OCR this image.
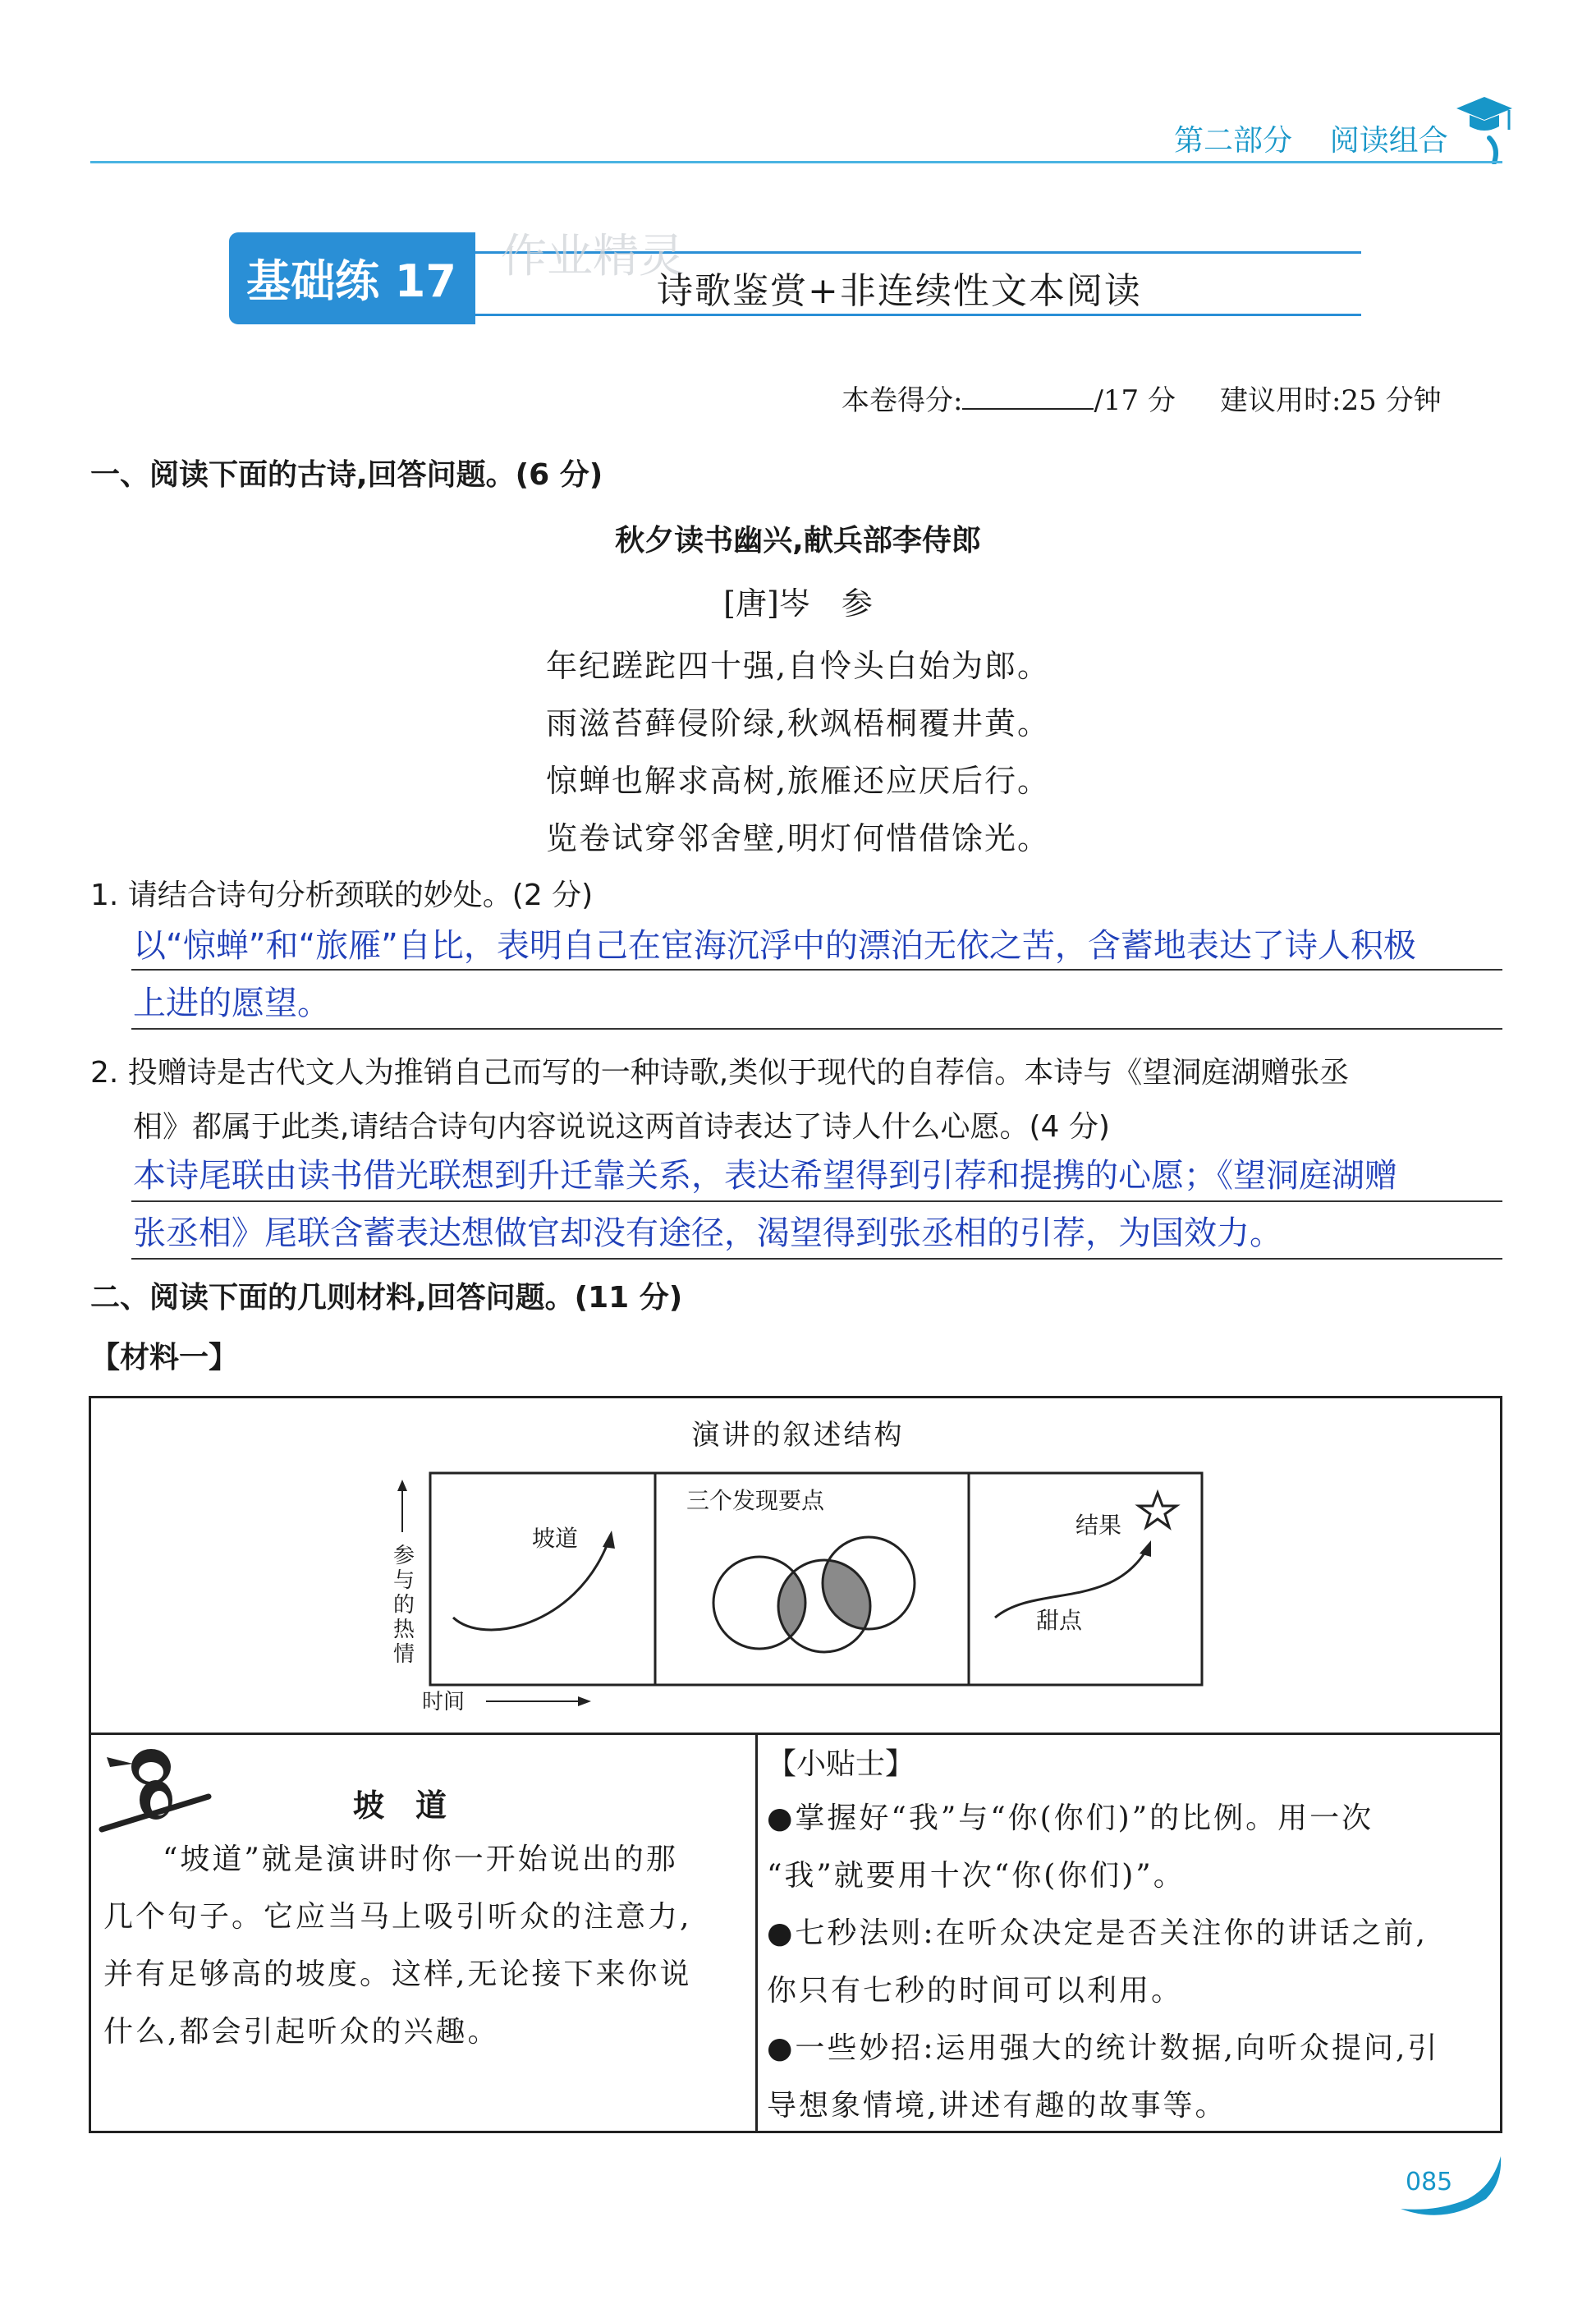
第二部分 阅读组合
基础练 17 作业精灵
诗歌鉴赏+非连续性文本阅读
本卷得分:	/17 分 建议用时:25 分钟
一、阅读下面的古诗,回答问题。(6 分)
秋夕读书幽兴,献兵部李侍郎
[唐]岑　参
年纪蹉跎四十强,自怜头白始为郎。
雨滋苔藓侵阶绿,秋飒梧桐覆井黄。
惊蝉也解求高树,旅雁还应厌后行。
览卷试穿邻舍壁,明灯何惜借馀光。
1. 请结合诗句分析颈联的妙处。(2 分)
以“惊蝉”和“旅雁”自比，表明自己在宦海沉浮中的漂泊无依之苦，含蓄地表达了诗人积极
上进的愿望。
2. 投赠诗是古代文人为推销自己而写的一种诗歌,类似于现代的自荐信。本诗与《望洞庭湖赠张丞
相》都属于此类,请结合诗句内容说说这两首诗表达了诗人什么心愿。(4 分)
本诗尾联由读书借光联想到升迁靠关系，表达希望得到引荐和提携的心愿；《望洞庭湖赠
张丞相》尾联含蓄表达想做官却没有途径，渴望得到张丞相的引荐，为国效力。
二、阅读下面的几则材料,回答问题。(11 分)
【材料一】
演讲的叙述结构
参与的热情
时间
坡道
三个发现要点
结果
甜点
坡　道
“坡道”就是演讲时你一开始说出的那
几个句子。它应当马上吸引听众的注意力,
并有足够高的坡度。这样,无论接下来你说
什么,都会引起听众的兴趣。
【小贴士】
●掌握好“我”与“你(你们)”的比例。用一次
“我”就要用十次“你(你们)”。
●七秒法则:在听众决定是否关注你的讲话之前,
你只有七秒的时间可以利用。
●一些妙招:运用强大的统计数据,向听众提问,引
导想象情境,讲述有趣的故事等。
085
